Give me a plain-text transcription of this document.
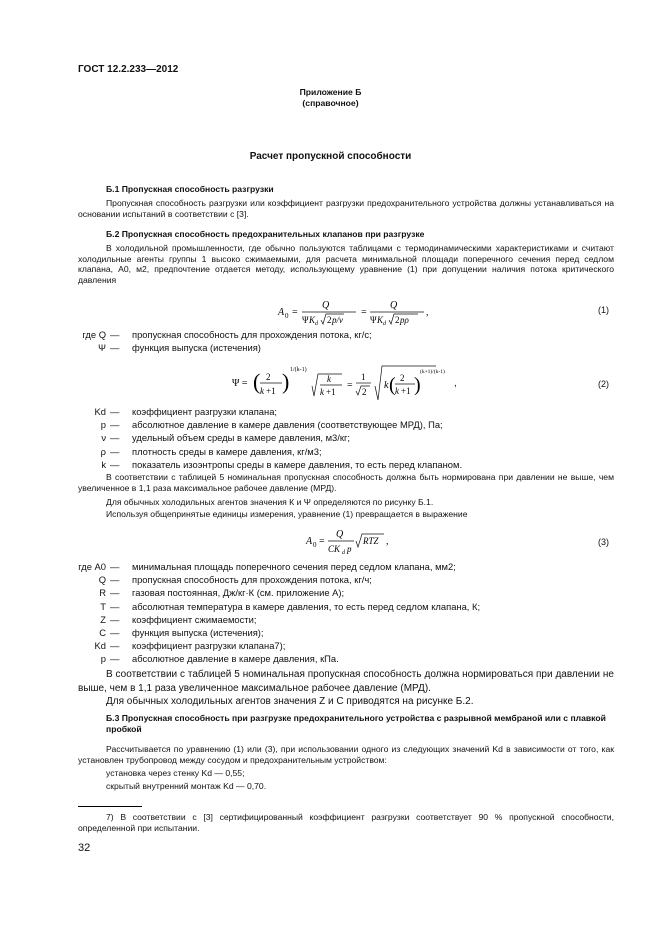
ГОСТ 12.2.233—2012
Приложение Б
(справочное)
Расчет пропускной способности
Б.1 Пропускная способность разгрузки
Пропускная способность разгрузки или коэффициент разгрузки предохранительного устройства должны устанавливаться на основании испытаний в соответствии с [3].
Б.2 Пропускная способность предохранительных клапанов при разгрузке
В холодильной промышленности, где обычно пользуются таблицами с термодинамическими характеристиками и считают холодильные агенты группы 1 высоко сжимаемыми, для расчета минимальной площади поперечного сечения перед седлом клапана, A0, м2, предпочтение отдается методу, использующему уравнение (1) при допущении наличия потока критического давления
A 0 =
Q
Ψ K d 2 p/ν
=
Q
Ψ K d 2 pρ
,	(1)
где Q —	пропускная способность для прохождения потока, кг/с;
Ψ —	функция выпуска (истечения)
Ψ = ( 2
k +1 ) 1/(k-1)
k
k +1
=
1
2
k ( 2
k +1 )
(k+1)/(k-1)
,	(2)
Kd —	коэффициент разгрузки клапана;
p —	абсолютное давление в камере давления (соответствующее МРД), Па;
ν —	удельный объем среды в камере давления, м3/кг;
ρ —	плотность среды в камере давления, кг/м3;
k —	показатель изоэнтропы среды в камере давления, то есть перед клапаном.
В соответствии с таблицей 5 номинальная пропускная способность должна быть нормирована при давлении не выше, чем увеличенное в 1,1 раза максимальное рабочее давление (МРД).
Для обычных холодильных агентов значения К и Ψ определяются по рисунку Б.1.
Используя общепринятые единицы измерения, уравнение (1) превращается в выражение
A 0 =
Q
CK d p
RTZ ,	(3)
где A0 —	минимальная площадь поперечного сечения перед седлом клапана, мм2;
Q —	пропускная способность для прохождения потока, кг/ч;
R —	газовая постоянная, Дж/кг·К (см. приложение А);
T —	абсолютная температура в камере давления, то есть перед седлом клапана, К;
Z —	коэффициент сжимаемости;
C —	функция выпуска (истечения);
Kd —	коэффициент разгрузки клапана7);
p —	абсолютное давление в камере давления, кПа.
В соответствии с таблицей 5 номинальная пропускная способность должна нормироваться при давлении не выше, чем в 1,1 раза увеличенное максимальное рабочее давление (МРД).
Для обычных холодильных агентов значения Z и C приводятся на рисунке Б.2.
Б.3 Пропускная способность при разгрузке предохранительного устройства с разрывной мембраной или с плавкой пробкой
Рассчитывается по уравнению (1) или (3), при использовании одного из следующих значений Kd в зависимости от того, как установлен трубопровод между сосудом и предохранительным устройством:
установка через стенку Kd — 0,55;
скрытый внутренний монтаж Kd — 0,70.
7) В соответствии с [3] сертифицированный коэффициент разгрузки соответствует 90 % пропускной способности, определенной при испытании.
32
